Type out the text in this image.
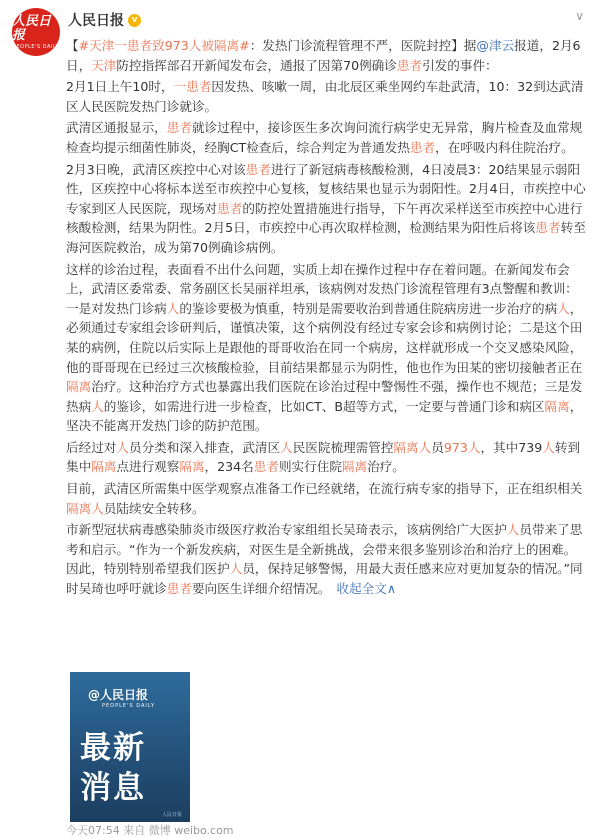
人民日报
PEOPLE'S DAILY
人民日报 v	∨

【#天津一患者致973人被隔离#：发热门诊流程管理不严，医院封控】据@津云报道，2月6日，天津防控指挥部召开新闻发布会，通报了因第70例确诊患者引发的事件：

2月1日上午10时，一患者因发热、咳嗽一周，由北辰区乘坐网约车赴武清，10：32到达武清区人民医院发热门诊就诊。

武清区通报显示，患者就诊过程中，接诊医生多次询问流行病学史无异常，胸片检查及血常规检查均提示细菌性肺炎，经胸CT检查后，综合判定为普通发热患者，在呼吸内科住院治疗。

2月3日晚，武清区疾控中心对该患者进行了新冠病毒核酸检测，4日凌晨3：20结果显示弱阳性，区疾控中心将标本送至市疾控中心复核，复核结果也显示为弱阳性。2月4日，市疾控中心专家到区人民医院，现场对患者的防控处置措施进行指导，下午再次采样送至市疾控中心进行核酸检测，结果为阴性。2月5日，市疾控中心再次取样检测，检测结果为阳性后将该患者转至海河医院救治，成为第70例确诊病例。

这样的诊治过程，表面看不出什么问题，实质上却在操作过程中存在着问题。在新闻发布会上，武清区委常委、常务副区长吴丽祥坦承，该病例对发热门诊流程管理有3点警醒和教训：一是对发热门诊病人的鉴诊要极为慎重，特别是需要收治到普通住院病房进一步治疗的病人，必须通过专家组会诊研判后，谨慎决策，这个病例没有经过专家会诊和病例讨论；二是这个田某的病例，住院以后实际上是跟他的哥哥收治在同一个病房，这样就形成一个交叉感染风险，他的哥哥现在已经过三次核酸检验，目前结果都显示为阴性，他也作为田某的密切接触者正在隔离治疗。这种治疗方式也暴露出我们医院在诊治过程中警惕性不强，操作也不规范；三是发热病人的鉴诊，如需进行进一步检查，比如CT、B超等方式，一定要与普通门诊和病区隔离，坚决不能离开发热门诊的防护范围。

后经过对人员分类和深入排查，武清区人民医院梳理需管控隔离人员973人，其中739人转到集中隔离点进行观察隔离，234名患者则实行住院隔离治疗。

目前，武清区所需集中医学观察点准备工作已经就绪，在流行病专家的指导下，正在组织相关隔离人员陆续安全转移。

市新型冠状病毒感染肺炎市级医疗救治专家组组长吴琦表示，该病例给广大医护人员带来了思考和启示。“作为一个新发疾病，对医生是全新挑战，会带来很多鉴别诊治和治疗上的困难。因此，特别特别希望我们医护人员，保持足够警惕，用最大责任感来应对更加复杂的情况。”同时吴琦也呼吁就诊患者要向医生详细介绍情况。 收起全文∧

@人民日报
PEOPLE'S DAILY
最新
消息
人民日报
今天07:54 来自 微博 weibo.com
